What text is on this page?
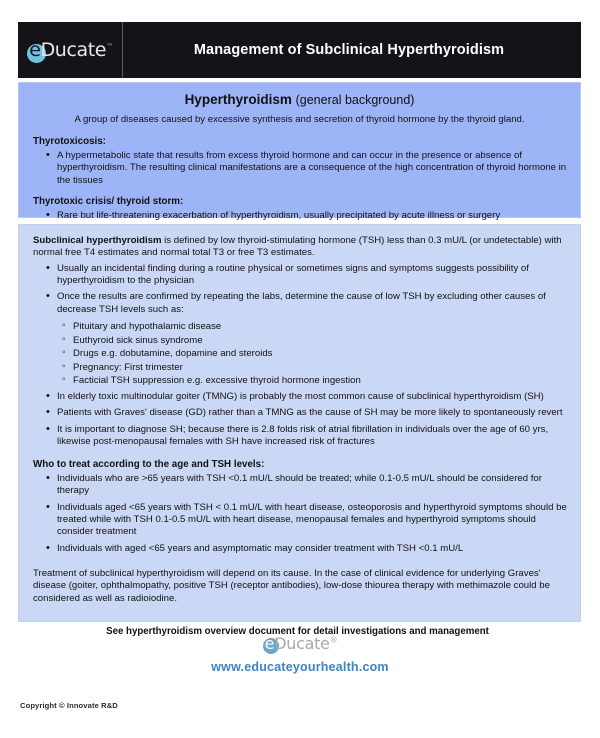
eDucate™	Management of Subclinical Hyperthyroidism
Hyperthyroidism (general background)
A group of diseases caused by excessive synthesis and secretion of thyroid hormone by the thyroid gland.
Thyrotoxicosis:
• A hypermetabolic state that results from excess thyroid hormone and can occur in the presence or absence of hyperthyroidism. The resulting clinical manifestations are a consequence of the high concentration of thyroid hormone in the tissues
Thyrotoxic crisis/ thyroid storm:
• Rare but life-threatening exacerbation of hyperthyroidism, usually precipitated by acute illness or surgery
Subclinical hyperthyroidism is defined by low thyroid-stimulating hormone (TSH) less than 0.3 mU/L (or undetectable) with normal free T4 estimates and normal total T3 or free T3 estimates.
• Usually an incidental finding during a routine physical or sometimes signs and symptoms suggests possibility of hyperthyroidism to the physician
• Once the results are confirmed by repeating the labs, determine the cause of low TSH by excluding other causes of decrease TSH levels such as:
◦ Pituitary and hypothalamic disease
◦ Euthyroid sick sinus syndrome
◦ Drugs e.g. dobutamine, dopamine and steroids
◦ Pregnancy: First trimester
◦ Facticial TSH suppression e.g. excessive thyroid hormone ingestion
• In elderly toxic multinodular goiter (TMNG) is probably the most common cause of subclinical hyperthyroidism (SH)
• Patients with Graves' disease (GD) rather than a TMNG as the cause of SH may be more likely to spontaneously revert
• It is important to diagnose SH; because there is 2.8 folds risk of atrial fibrillation in individuals over the age of 60 yrs, likewise post-menopausal females with SH have increased risk of fractures
Who to treat according to the age and TSH levels:
• Individuals who are >65 years with TSH <0.1 mU/L should be treated; while 0.1-0.5 mU/L should be considered for therapy
• Individuals aged <65 years with TSH < 0.1 mU/L with heart disease, osteoporosis and hyperthyroid symptoms should be treated while with TSH 0.1-0.5 mU/L with heart disease, menopausal females and hyperthyroid symptoms should consider treatment
• Individuals with aged <65 years and asymptomatic may consider treatment with TSH <0.1 mU/L
Treatment of subclinical hyperthyroidism will depend on its cause. In the case of clinical evidence for underlying Graves' disease (goiter, ophthalmopathy, positive TSH (receptor antibodies), low-dose thiourea therapy with methimazole could be considered as well as radioiodine.
See hyperthyroidism overview document for detail investigations and management
eDucate®
www.educateyourhealth.com
Copyright © Innovate R&D
